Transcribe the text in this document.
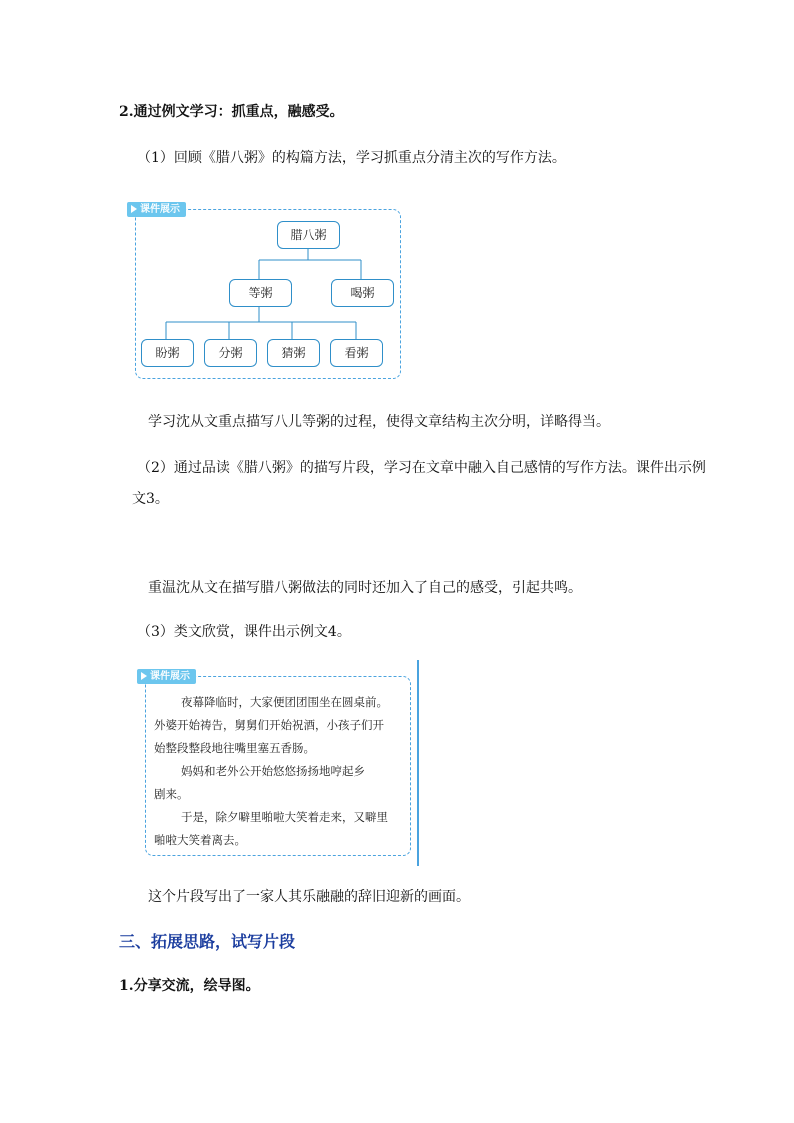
2.通过例文学习：抓重点，融感受。

（1）回顾《腊八粥》的构篇方法，学习抓重点分清主次的写作方法。

课件展示
腊八粥
等粥	喝粥
盼粥	分粥	猜粥	看粥

学习沈从文重点描写八儿等粥的过程，使得文章结构主次分明，详略得当。

（2）通过品读《腊八粥》的描写片段，学习在文章中融入自己感情的写作方法。课件出示例

文3。

重温沈从文在描写腊八粥做法的同时还加入了自己的感受，引起共鸣。

（3）类文欣赏，课件出示例文4。

课件展示

夜幕降临时，大家便团团围坐在圆桌前。

外婆开始祷告，舅舅们开始祝酒，小孩子们开

始整段整段地往嘴里塞五香肠。

妈妈和老外公开始悠悠扬扬地哼起乡

剧来。

于是，除夕噼里啪啦大笑着走来，又噼里

啪啦大笑着离去。

这个片段写出了一家人其乐融融的辞旧迎新的画面。

三、拓展思路，试写片段

1.分享交流，绘导图。
